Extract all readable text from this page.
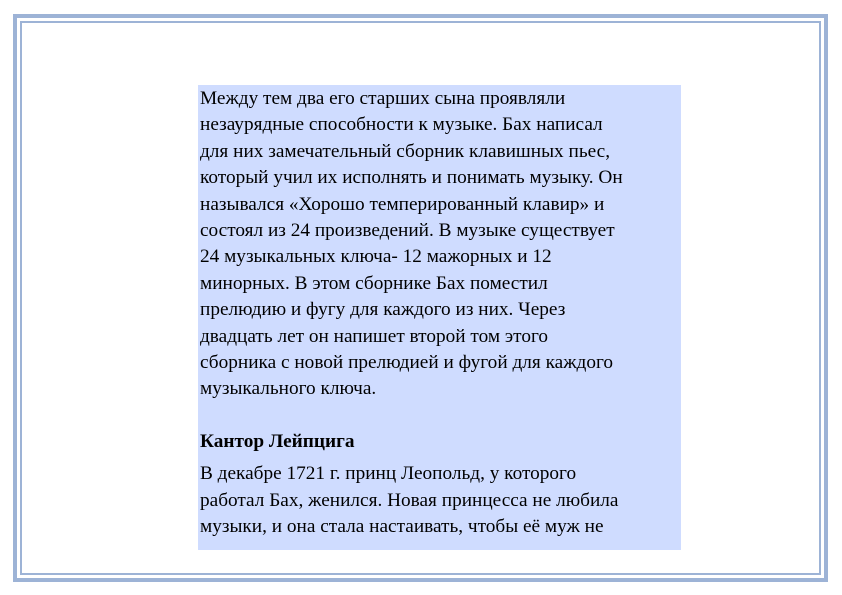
Между тем два его старших сына проявляли
незаурядные способности к музыке. Бах написал
для них замечательный сборник клавишных пьес,
который учил их исполнять и понимать музыку. Он
назывался «Хорошо темперированный клавир» и
состоял из 24 произведений. В музыке существует
24 музыкальных ключа- 12 мажорных и 12
минорных. В этом сборнике Бах поместил
прелюдию и фугу для каждого из них. Через
двадцать лет он напишет второй том этого
сборника с новой прелюдией и фугой для каждого
музыкального ключа.
Кантор Лейпцига
В декабре 1721 г. принц Леопольд, у которого
работал Бах, женился. Новая принцесса не любила
музыки, и она стала настаивать, чтобы её муж не
